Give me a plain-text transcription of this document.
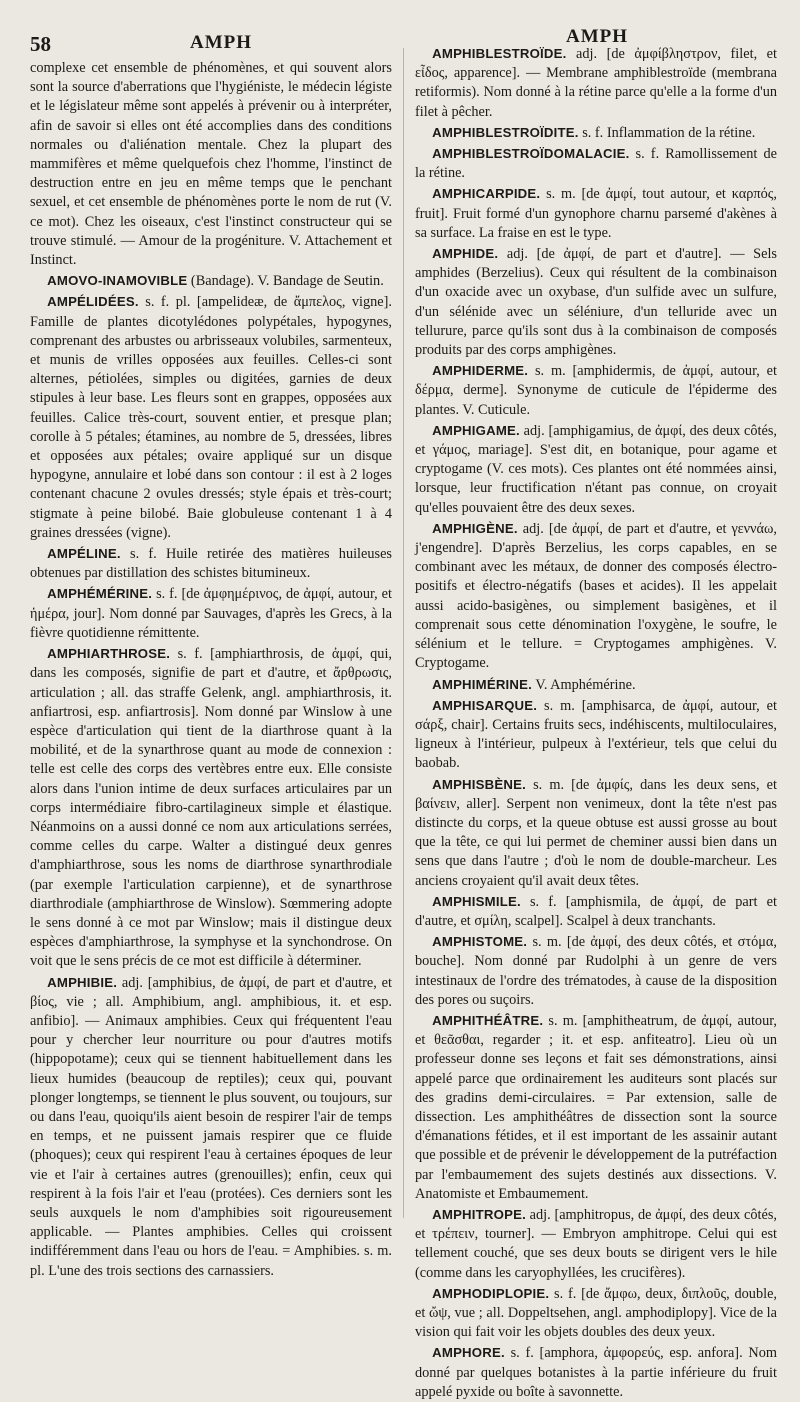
58	AMPH	AMPH

complexe cet ensemble de phénomènes, et qui souvent alors sont la source d'aberrations que l'hygiéniste, le médecin légiste et le législateur même sont appelés à prévenir ou à interpréter, afin de savoir si elles ont été accomplies dans des conditions normales ou d'aliénation mentale. Chez la plupart des mammifères et même quelquefois chez l'homme, l'instinct de destruction entre en jeu en même temps que le penchant sexuel, et cet ensemble de phénomènes porte le nom de rut (V. ce mot). Chez les oiseaux, c'est l'instinct constructeur qui se trouve stimulé. — Amour de la progéniture. V. Attachement et Instinct.

AMOVO-INAMOVIBLE (Bandage). V. Bandage de Seutin.

AMPÉLIDÉES. s. f. pl. [ampelideæ, de ἄμπελος, vigne]. Famille de plantes dicotylédones polypétales, hypogynes, comprenant des arbustes ou arbrisseaux volubiles, sarmenteux, et munis de vrilles opposées aux feuilles. Celles-ci sont alternes, pétiolées, simples ou digitées, garnies de deux stipules à leur base. Les fleurs sont en grappes, opposées aux feuilles. Calice très-court, souvent entier, et presque plan; corolle à 5 pétales; étamines, au nombre de 5, dressées, libres et opposées aux pétales; ovaire appliqué sur un disque hypogyne, annulaire et lobé dans son contour : il est à 2 loges contenant chacune 2 ovules dressés; style épais et très-court; stigmate à peine bilobé. Baie globuleuse contenant 1 à 4 graines dressées (vigne).

AMPÉLINE. s. f. Huile retirée des matières huileuses obtenues par distillation des schistes bitumineux.

AMPHÉMÉRINE. s. f. [de ἀμφημέρινος, de ἀμφί, autour, et ἡμέρα, jour]. Nom donné par Sauvages, d'après les Grecs, à la fièvre quotidienne rémittente.

AMPHIARTHROSE. s. f. [amphiarthrosis, de ἀμφί, qui, dans les composés, signifie de part et d'autre, et ἄρθρωσις, articulation ; all. das straffe Gelenk, angl. amphiarthrosis, it. anfiartrosi, esp. anfiartrosis]. Nom donné par Winslow à une espèce d'articulation qui tient de la diarthrose quant à la mobilité, et de la synarthrose quant au mode de connexion : telle est celle des corps des vertèbres entre eux. Elle consiste alors dans l'union intime de deux surfaces articulaires par un corps intermédiaire fibro-cartilagineux simple et élastique. Néanmoins on a aussi donné ce nom aux articulations serrées, comme celles du carpe. Walter a distingué deux genres d'amphiarthrose, sous les noms de diarthrose synarthrodiale (par exemple l'articulation carpienne), et de synarthrose diarthrodiale (amphiarthrose de Winslow). Sœmmering adopte le sens donné à ce mot par Winslow; mais il distingue deux espèces d'amphiarthrose, la symphyse et la synchondrose. On voit que le sens précis de ce mot est difficile à déterminer.

AMPHIBIE. adj. [amphibius, de ἀμφί, de part et d'autre, et βίος, vie ; all. Amphibium, angl. amphibious, it. et esp. anfibio]. — Animaux amphibies. Ceux qui fréquentent l'eau pour y chercher leur nourriture ou pour d'autres motifs (hippopotame); ceux qui se tiennent habituellement dans les lieux humides (beaucoup de reptiles); ceux qui, pouvant plonger longtemps, se tiennent le plus souvent, ou toujours, sur ou dans l'eau, quoiqu'ils aient besoin de respirer l'air de temps en temps, et ne puissent jamais respirer que ce fluide (phoques); ceux qui respirent l'eau à certaines époques de leur vie et l'air à certaines autres (grenouilles); enfin, ceux qui respirent à la fois l'air et l'eau (protées). Ces derniers sont les seuls auxquels le nom d'amphibies soit rigoureusement applicable. — Plantes amphibies. Celles qui croissent indifféremment dans l'eau ou hors de l'eau. = Amphibies. s. m. pl. L'une des trois sections des carnassiers.

AMPHIBLESTROÏDE. adj. [de ἀμφίβληστρον, filet, et εἶδος, apparence]. — Membrane amphiblestroïde (membrana retiformis). Nom donné à la rétine parce qu'elle a la forme d'un filet à pêcher.

AMPHIBLESTROÏDITE. s. f. Inflammation de la rétine.

AMPHIBLESTROÏDOMALACIE. s. f. Ramollissement de la rétine.

AMPHICARPIDE. s. m. [de ἀμφί, tout autour, et καρπός, fruit]. Fruit formé d'un gynophore charnu parsemé d'akènes à sa surface. La fraise en est le type.

AMPHIDE. adj. [de ἀμφί, de part et d'autre]. — Sels amphides (Berzelius). Ceux qui résultent de la combinaison d'un oxacide avec un oxybase, d'un sulfide avec un sulfure, d'un sélénide avec un séléniure, d'un telluride avec un tellurure, parce qu'ils sont dus à la combinaison de composés produits par des corps amphigènes.

AMPHIDERME. s. m. [amphidermis, de ἀμφί, autour, et δέρμα, derme]. Synonyme de cuticule de l'épiderme des plantes. V. Cuticule.

AMPHIGAME. adj. [amphigamius, de ἀμφί, des deux côtés, et γάμος, mariage]. S'est dit, en botanique, pour agame et cryptogame (V. ces mots). Ces plantes ont été nommées ainsi, lorsque, leur fructification n'étant pas connue, on croyait qu'elles pouvaient être des deux sexes.

AMPHIGÈNE. adj. [de ἀμφί, de part et d'autre, et γεννάω, j'engendre]. D'après Berzelius, les corps capables, en se combinant avec les métaux, de donner des composés électro-positifs et électro-négatifs (bases et acides). Il les appelait aussi acido-basigènes, ou simplement basigènes, et il comprenait sous cette dénomination l'oxygène, le soufre, le sélénium et le tellure. = Cryptogames amphigènes. V. Cryptogame.

AMPHIMÉRINE. V. Amphémérine.

AMPHISARQUE. s. m. [amphisarca, de ἀμφί, autour, et σάρξ, chair]. Certains fruits secs, indéhiscents, multiloculaires, ligneux à l'intérieur, pulpeux à l'extérieur, tels que celui du baobab.

AMPHISBÈNE. s. m. [de ἀμφίς, dans les deux sens, et βαίνειν, aller]. Serpent non venimeux, dont la tête n'est pas distincte du corps, et la queue obtuse est aussi grosse au bout que la tête, ce qui lui permet de cheminer aussi bien dans un sens que dans l'autre ; d'où le nom de double-marcheur. Les anciens croyaient qu'il avait deux têtes.

AMPHISMILE. s. f. [amphismila, de ἀμφί, de part et d'autre, et σμίλη, scalpel]. Scalpel à deux tranchants.

AMPHISTOME. s. m. [de ἀμφί, des deux côtés, et στόμα, bouche]. Nom donné par Rudolphi à un genre de vers intestinaux de l'ordre des trématodes, à cause de la disposition des pores ou suçoirs.

AMPHITHÉÂTRE. s. m. [amphitheatrum, de ἀμφί, autour, et θεᾶσθαι, regarder ; it. et esp. anfiteatro]. Lieu où un professeur donne ses leçons et fait ses démonstrations, ainsi appelé parce que ordinairement les auditeurs sont placés sur des gradins demi-circulaires. = Par extension, salle de dissection. Les amphithéâtres de dissection sont la source d'émanations fétides, et il est important de les assainir autant que possible et de prévenir le développement de la putréfaction par l'embaumement des sujets destinés aux dissections. V. Anatomiste et Embaumement.

AMPHITROPE. adj. [amphitropus, de ἀμφί, des deux côtés, et τρέπειν, tourner]. — Embryon amphitrope. Celui qui est tellement couché, que ses deux bouts se dirigent vers le hile (comme dans les caryophyllées, les crucifères).

AMPHODIPLOPIE. s. f. [de ἄμφω, deux, διπλοῦς, double, et ὤψ, vue ; all. Doppeltsehen, angl. amphodiplopy]. Vice de la vision qui fait voir les objets doubles des deux yeux.

AMPHORE. s. f. [amphora, ἀμφορεύς, esp. anfora]. Nom donné par quelques botanistes à la partie inférieure du fruit appelé pyxide ou boîte à savonnette.
